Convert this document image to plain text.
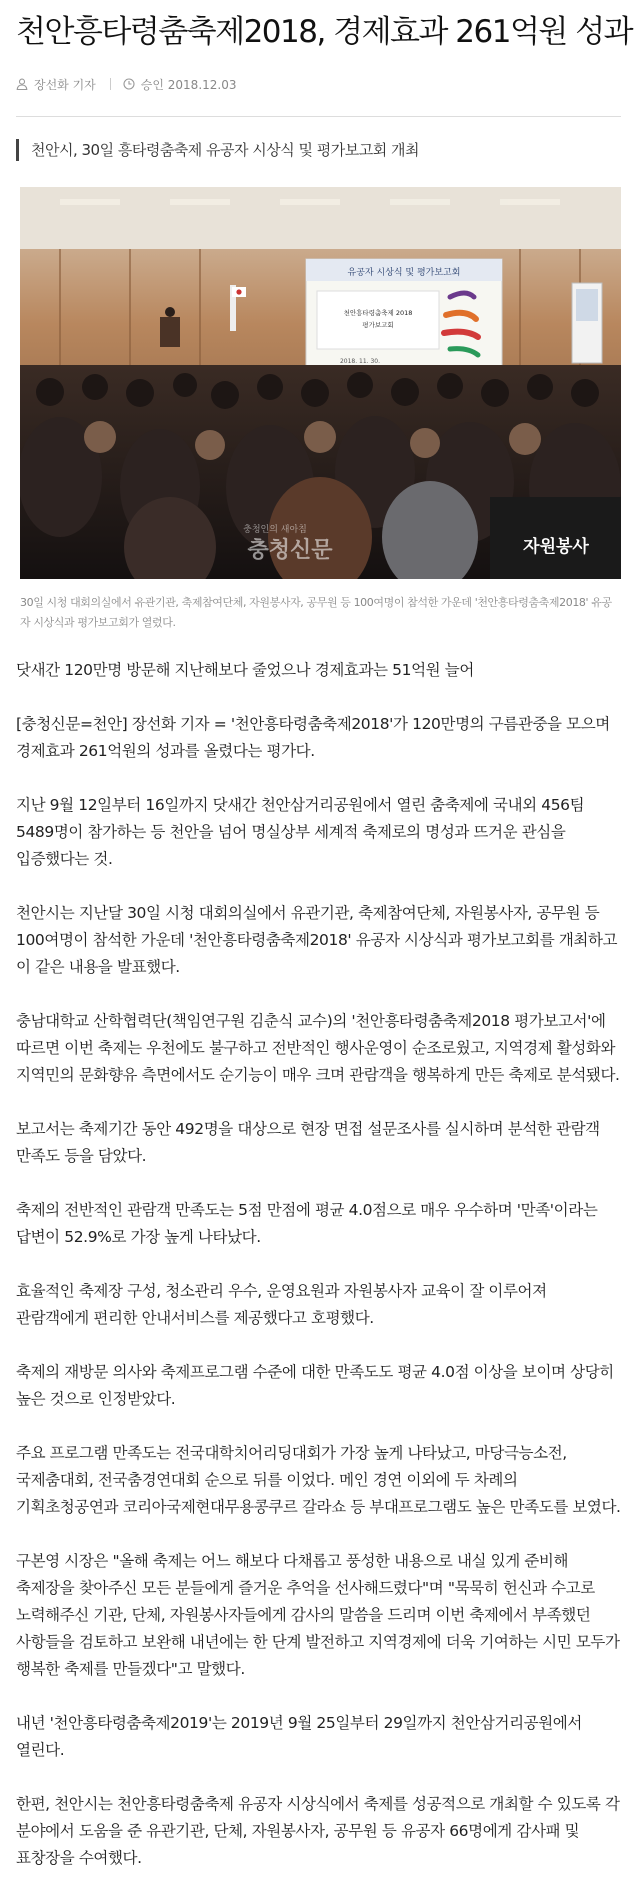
천안흥타령춤축제2018, 경제효과 261억원 성과
장선화 기자	승인 2018.12.03
천안시, 30일 흥타령춤축제 유공자 시상식 및 평가보고회 개최
유공자 시상식 및 평가보고회
천안흥타령춤축제 2018
평가보고회
2018. 11. 30.
자원봉사
충청인의 새아침
충청신문
30일 시청 대회의실에서 유관기관, 축제참여단체, 자원봉사자, 공무원 등 100여명이 참석한 가운데 '천안흥타령춤축제2018' 유공자 시상식과 평가보고회가 열렸다.

닷새간 120만명 방문해 지난해보다 줄었으나 경제효과는 51억원 늘어

[충청신문=천안] 장선화 기자 = '천안흥타령춤축제2018'가 120만명의 구름관중을 모으며 경제효과 261억원의 성과를 올렸다는 평가다.

지난 9월 12일부터 16일까지 닷새간 천안삼거리공원에서 열린 춤축제에 국내외 456팀 5489명이 참가하는 등 천안을 넘어 명실상부 세계적 축제로의 명성과 뜨거운 관심을 입증했다는 것.

천안시는 지난달 30일 시청 대회의실에서 유관기관, 축제참여단체, 자원봉사자, 공무원 등 100여명이 참석한 가운데 '천안흥타령춤축제2018' 유공자 시상식과 평가보고회를 개최하고 이 같은 내용을 발표했다.

충남대학교 산학협력단(책임연구원 김춘식 교수)의 '천안흥타령춤축제2018 평가보고서'에 따르면 이번 축제는 우천에도 불구하고 전반적인 행사운영이 순조로웠고, 지역경제 활성화와 지역민의 문화향유 측면에서도 순기능이 매우 크며 관람객을 행복하게 만든 축제로 분석됐다.

보고서는 축제기간 동안 492명을 대상으로 현장 면접 설문조사를 실시하며 분석한 관람객 만족도 등을 담았다.

축제의 전반적인 관람객 만족도는 5점 만점에 평균 4.0점으로 매우 우수하며 '만족'이라는 답변이 52.9%로 가장 높게 나타났다.

효율적인 축제장 구성, 청소관리 우수, 운영요원과 자원봉사자 교육이 잘 이루어져 관람객에게 편리한 안내서비스를 제공했다고 호평했다.

축제의 재방문 의사와 축제프로그램 수준에 대한 만족도도 평균 4.0점 이상을 보이며 상당히 높은 것으로 인정받았다.

주요 프로그램 만족도는 전국대학치어리딩대회가 가장 높게 나타났고, 마당극능소전, 국제춤대회, 전국춤경연대회 순으로 뒤를 이었다. 메인 경연 이외에 두 차례의 기획초청공연과 코리아국제현대무용콩쿠르 갈라쇼 등 부대프로그램도 높은 만족도를 보였다.

구본영 시장은 "올해 축제는 어느 해보다 다채롭고 풍성한 내용으로 내실 있게 준비해 축제장을 찾아주신 모든 분들에게 즐거운 추억을 선사해드렸다"며 "묵묵히 헌신과 수고로 노력해주신 기관, 단체, 자원봉사자들에게 감사의 말씀을 드리며 이번 축제에서 부족했던 사항들을 검토하고 보완해 내년에는 한 단계 발전하고 지역경제에 더욱 기여하는 시민 모두가 행복한 축제를 만들겠다"고 말했다.

내년 '천안흥타령춤축제2019'는 2019년 9월 25일부터 29일까지 천안삼거리공원에서 열린다.

한편, 천안시는 천안흥타령춤축제 유공자 시상식에서 축제를 성공적으로 개최할 수 있도록 각 분야에서 도움을 준 유관기관, 단체, 자원봉사자, 공무원 등 유공자 66명에게 감사패 및 표창장을 수여했다.
